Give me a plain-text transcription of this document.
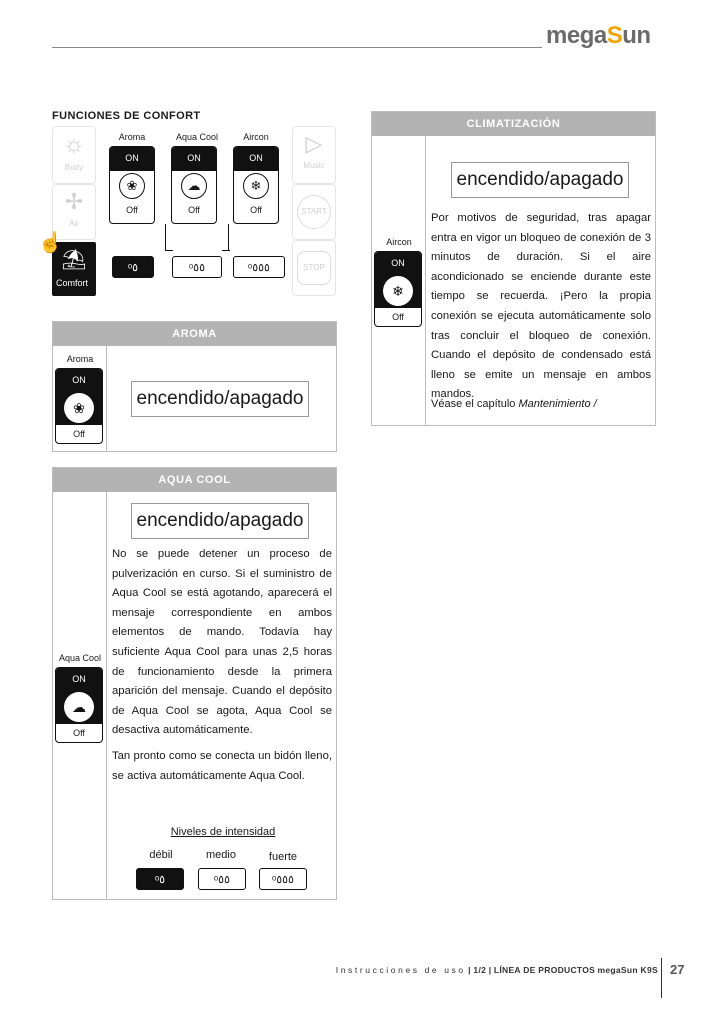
megaSun
FUNCIONES DE CONFORT
☼
Body
✢
Air
⛱
Comfort
☝
Aroma	Aqua Cool	Aircon
ON
❀
Off
ON
☁
Off
ON
❄
Off
ᵒ٥	ᵒ٥٥	ᵒ٥٥٥
▷
Music
START
STOP
AROMA
Aroma
ON
❀
Off
encendido/apagado
AQUA COOL
Aqua Cool
ON
☁
Off
encendido/apagado
No se puede detener un proceso de pulverización en curso. Si el suministro de Aqua Cool se está agotando, aparecerá el mensaje correspondiente en ambos elementos de mando. Todavía hay suficiente Aqua Cool para unas 2,5 horas de funcionamiento desde la primera aparición del mensaje. Cuando el depósito de Aqua Cool se agota, Aqua Cool se desactiva automáticamente.
Tan pronto como se conecta un bidón lleno, se activa automáticamente Aqua Cool.
Niveles de intensidad
débil	medio	fuerte
ᵒ٥	ᵒ٥٥	ᵒ٥٥٥
CLIMATIZACIÓN
Aircon
ON
❄
Off
encendido/apagado
Por motivos de seguridad, tras apagar entra en vigor un bloqueo de conexión de 3 minutos de duración. Si el aire acondicionado se enciende durante este tiempo se recuerda. ¡Pero la propia conexión se ejecuta automáticamente solo tras concluir el bloqueo de conexión. Cuando el depósito de condensado está lleno se emite un mensaje en ambos mandos.
Véase el capítulo Mantenimiento /
Instrucciones de uso | 1/2 | LÍNEA DE PRODUCTOS megaSun K9S 27
